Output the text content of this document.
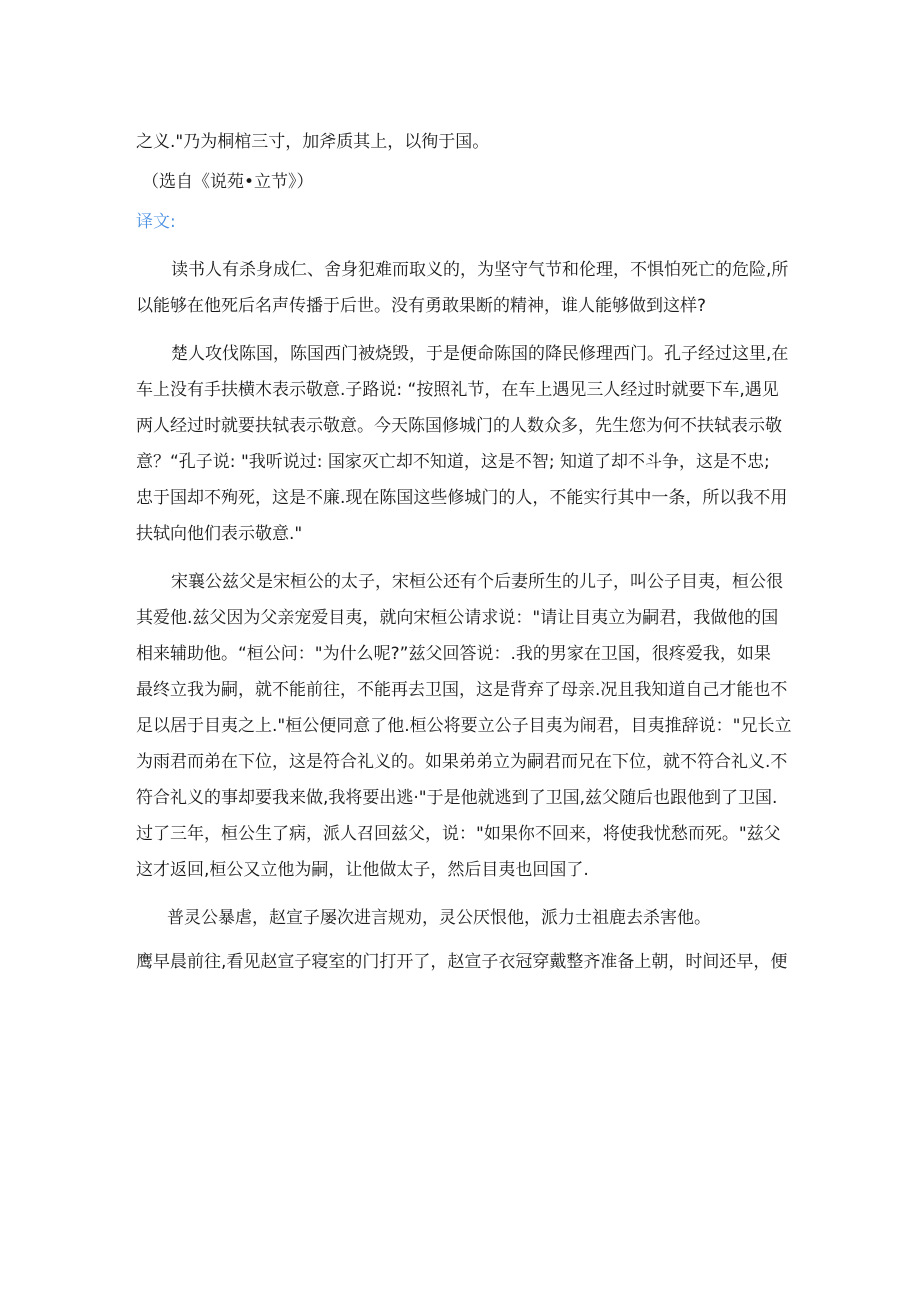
之义."乃为桐棺三寸，加斧质其上，以徇于国。
（选自《说苑•立节》）
译文:
读书人有杀身成仁、舍身犯难而取义的，为坚守气节和伦理，不惧怕死亡的危险,所
以能够在他死后名声传播于后世。没有勇敢果断的精神，谁人能够做到这样?
楚人攻伐陈国，陈国西门被烧毁，于是便命陈国的降民修理西门。孔子经过这里,在
车上没有手扶横木表示敬意.子路说: “按照礼节，在车上遇见三人经过时就要下车,遇见
两人经过时就要扶轼表示敬意。今天陈国修城门的人数众多，先生您为何不扶轼表示敬
意？“孔子说: "我听说过: 国家灭亡却不知道，这是不智; 知道了却不斗争，这是不忠;
忠于国却不殉死，这是不廉.现在陈国这些修城门的人，不能实行其中一条，所以我不用
扶轼向他们表示敬意."
宋襄公兹父是宋桓公的太子，宋桓公还有个后妻所生的儿子，叫公子目夷，桓公很
其爱他.兹父因为父亲宠爱目夷，就向宋桓公请求说："请让目夷立为嗣君，我做他的国
相来辅助他。“桓公问："为什么呢?”兹父回答说：.我的男家在卫国，很疼爱我，如果
最终立我为嗣，就不能前往，不能再去卫国，这是背弃了母亲.况且我知道自己才能也不
足以居于目夷之上."桓公便同意了他.桓公将要立公子目夷为闹君，目夷推辞说："兄长立
为雨君而弟在下位，这是符合礼义的。如果弟弟立为嗣君而兄在下位，就不符合礼义.不
符合礼义的事却要我来做,我将要出逃·"于是他就逃到了卫国,兹父随后也跟他到了卫国.
过了三年，桓公生了病，派人召回兹父，说："如果你不回来，将使我忧愁而死。"兹父
这才返回,桓公又立他为嗣，让他做太子，然后目夷也回国了.
普灵公暴虐，赵宣子屡次进言规劝，灵公厌恨他，派力士祖鹿去杀害他。
鹰早晨前往,看见赵宣子寝室的门打开了，赵宣子衣冠穿戴整齐准备上朝，时间还早，便
